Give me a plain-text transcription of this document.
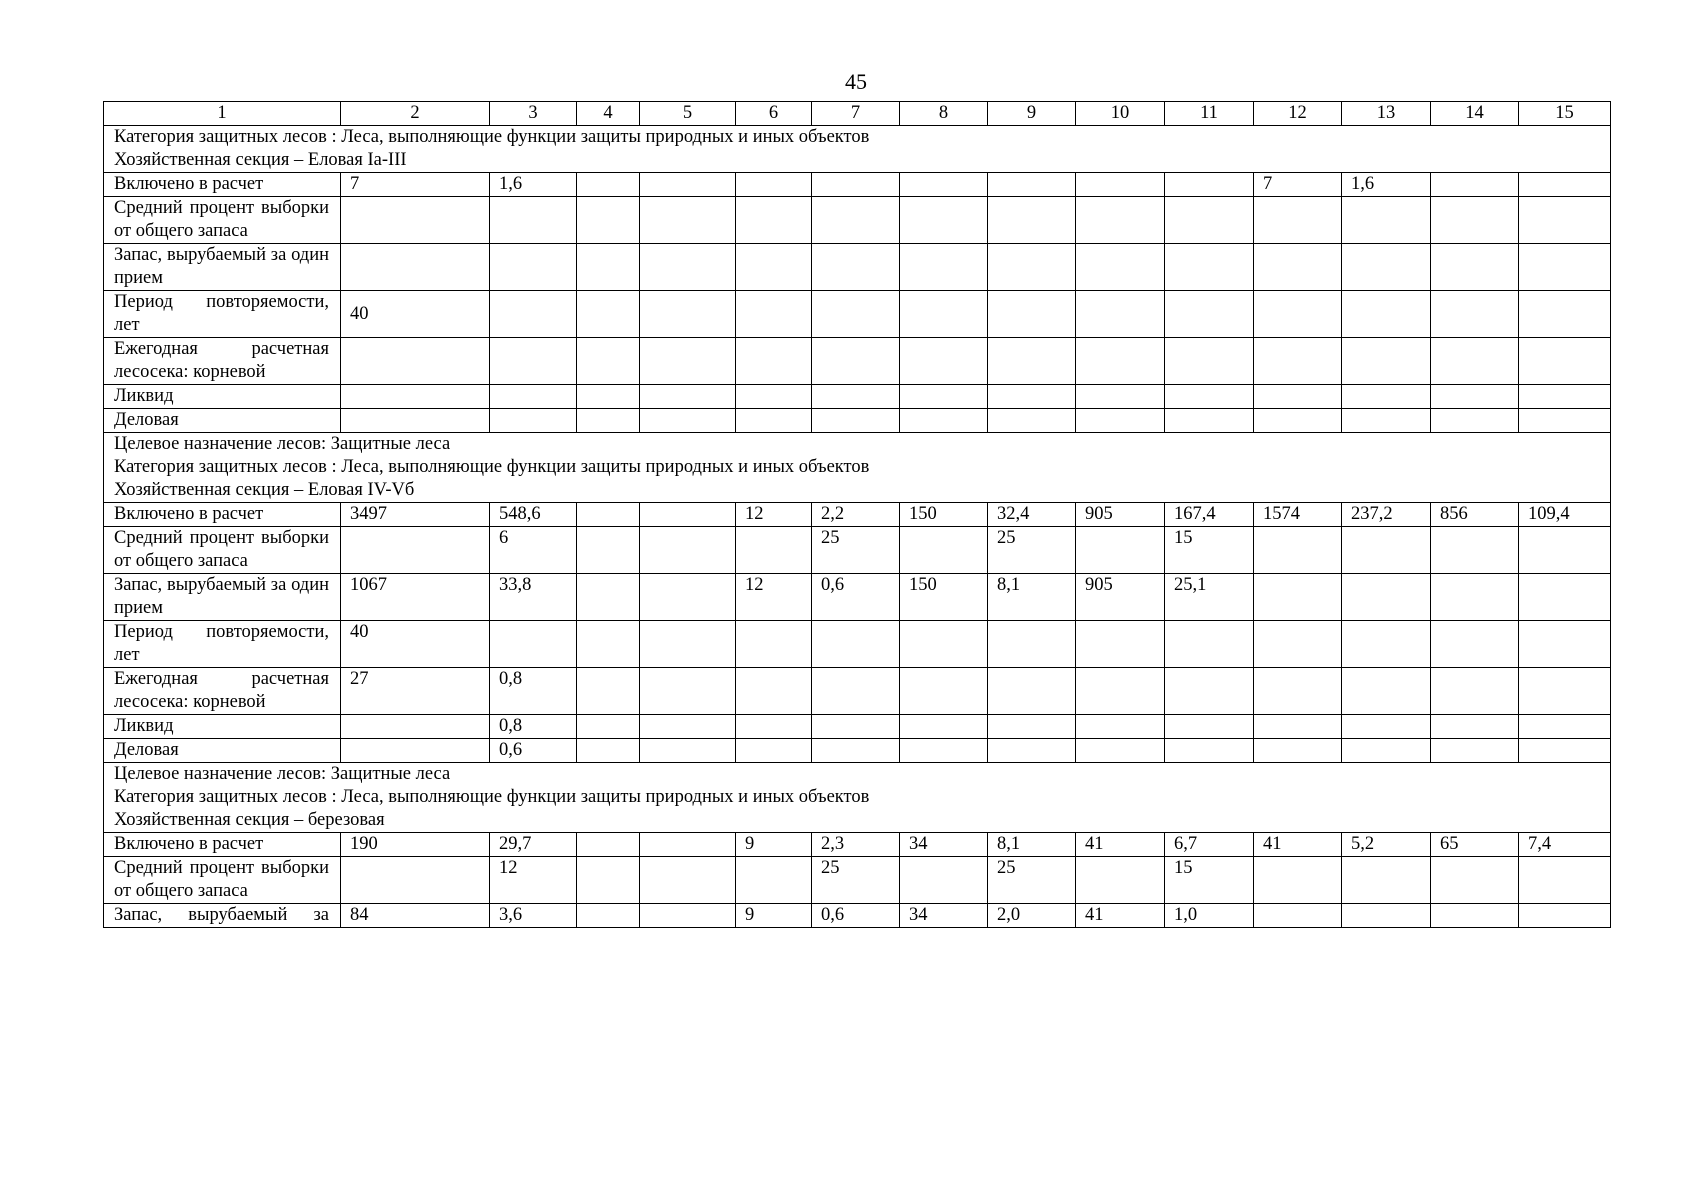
45
1	2	3	4	5	6	7	8	9	10	11	12	13	14	15

Категория защитных лесов : Леса, выполняющие функции защиты природных и иных объектов
Хозяйственная секция – Еловая Ia-III														

Включено в расчет	7	1,6									7	1,6		
Средний процент выборки от общего запаса														
Запас, вырубаемый за один прием														
Период повторяемости, лет	40													
Ежегодная расчетная лесосека: корневой														
Ликвид														
Деловая														

Целевое назначение лесов: Защитные леса
Категория защитных лесов : Леса, выполняющие функции защиты природных и иных объектов
Хозяйственная секция – Еловая IV-Vб														

Включено в расчет	3497	548,6			12	2,2	150	32,4	905	167,4	1574	237,2	856	109,4
Средний процент выборки от общего запаса		6				25		25		15				
Запас, вырубаемый за один прием	1067	33,8			12	0,6	150	8,1	905	25,1				
Период повторяемости, лет	40													
Ежегодная расчетная лесосека: корневой	27	0,8												
Ликвид		0,8												
Деловая		0,6												

Целевое назначение лесов: Защитные леса
Категория защитных лесов : Леса, выполняющие функции защиты природных и иных объектов
Хозяйственная секция – березовая														

Включено в расчет	190	29,7			9	2,3	34	8,1	41	6,7	41	5,2	65	7,4
Средний процент выборки от общего запаса		12				25		25		15				
Запас, вырубаемый за	84	3,6			9	0,6	34	2,0	41	1,0				
